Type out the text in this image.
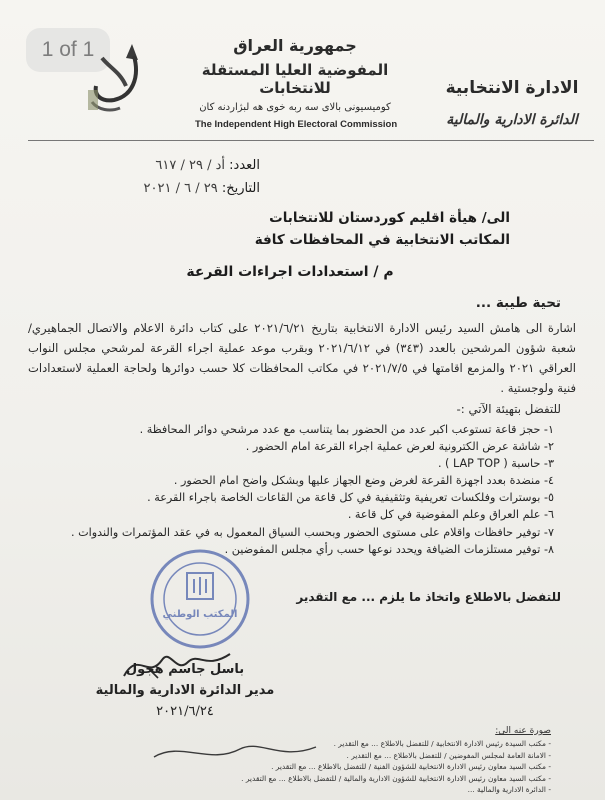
1 of 1	جمهورية العراق
المفوضية العليا المستقلة للانتخابات
كوميسيونى بالاى سه ربه خوى هه لبژاردنه كان
The Independent High Electoral Commission
الادارة الانتخابية
الدائرة الادارية والمالية
العدد: أد / ٢٩ / ٦١٧
التاريخ: ٢٩ / ٦ / ٢٠٢١
الى/ هيأة اقليم كوردستان للانتخابات
المكاتب الانتخابية في المحافظات كافة
م / استعدادات اجراءات القرعة
تحية طيبة ...
اشارة الى هامش السيد رئيس الادارة الانتخابية بتاريخ ٢٠٢١/٦/٢١ على كتاب دائرة الاعلام والاتصال الجماهيري/ شعبة شؤون المرشحين بالعدد (٣٤٣) في ٢٠٢١/٦/١٢ وبقرب موعد عملية اجراء القرعة لمرشحي مجلس النواب العراقي ٢٠٢١ والمزمع اقامتها في ٢٠٢١/٧/٥ في مكاتب المحافظات كلا حسب دوائرها ولحاجة العملية لاستعدادات فنية ولوجستية .
للتفضل بتهيئة الآتي :-
١- حجز قاعة تستوعب اكبر عدد من الحضور بما يتناسب مع عدد مرشحي دوائر المحافظة .
٢- شاشة عرض الكترونية لعرض عملية اجراء القرعة امام الحضور .
٣- حاسبة ( LAP TOP ) .
٤- منضدة بعدد اجهزة القرعة لغرض وضع الجهاز عليها وبشكل واضح امام الحضور .
٥- بوسترات وفلكسات تعريفية وتثقيفية في كل قاعة من القاعات الخاصة باجراء القرعة .
٦- علم العراق وعلم المفوضية في كل قاعة .
٧- توفير حافظات واقلام على مستوى الحضور وبحسب السياق المعمول به في عقد المؤتمرات والندوات .
٨- توفير مستلزمات الضيافة ويحدد نوعها حسب رأي مجلس المفوضين .
للتفضل بالاطلاع واتخاذ ما يلزم ... مع التقدير
المكتب الوطني
باسل جاسم هجول
مدير الدائرة الادارية والمالية
٢٠٢١/٦/٢٤
صورة عنه الى:
- مكتب السيدة رئيس الادارة الانتخابية / للتفضل بالاطلاع ... مع التقدير .
- الامانة العامة لمجلس المفوضين / للتفضل بالاطلاع ... مع التقدير .
- مكتب السيد معاون رئيس الادارة الانتخابية للشؤون الفنية / للتفضل بالاطلاع ... مع التقدير .
- مكتب السيد معاون رئيس الادارة الانتخابية للشؤون الادارية والمالية / للتفضل بالاطلاع ... مع التقدير .
- الدائرة الادارية والمالية ...
